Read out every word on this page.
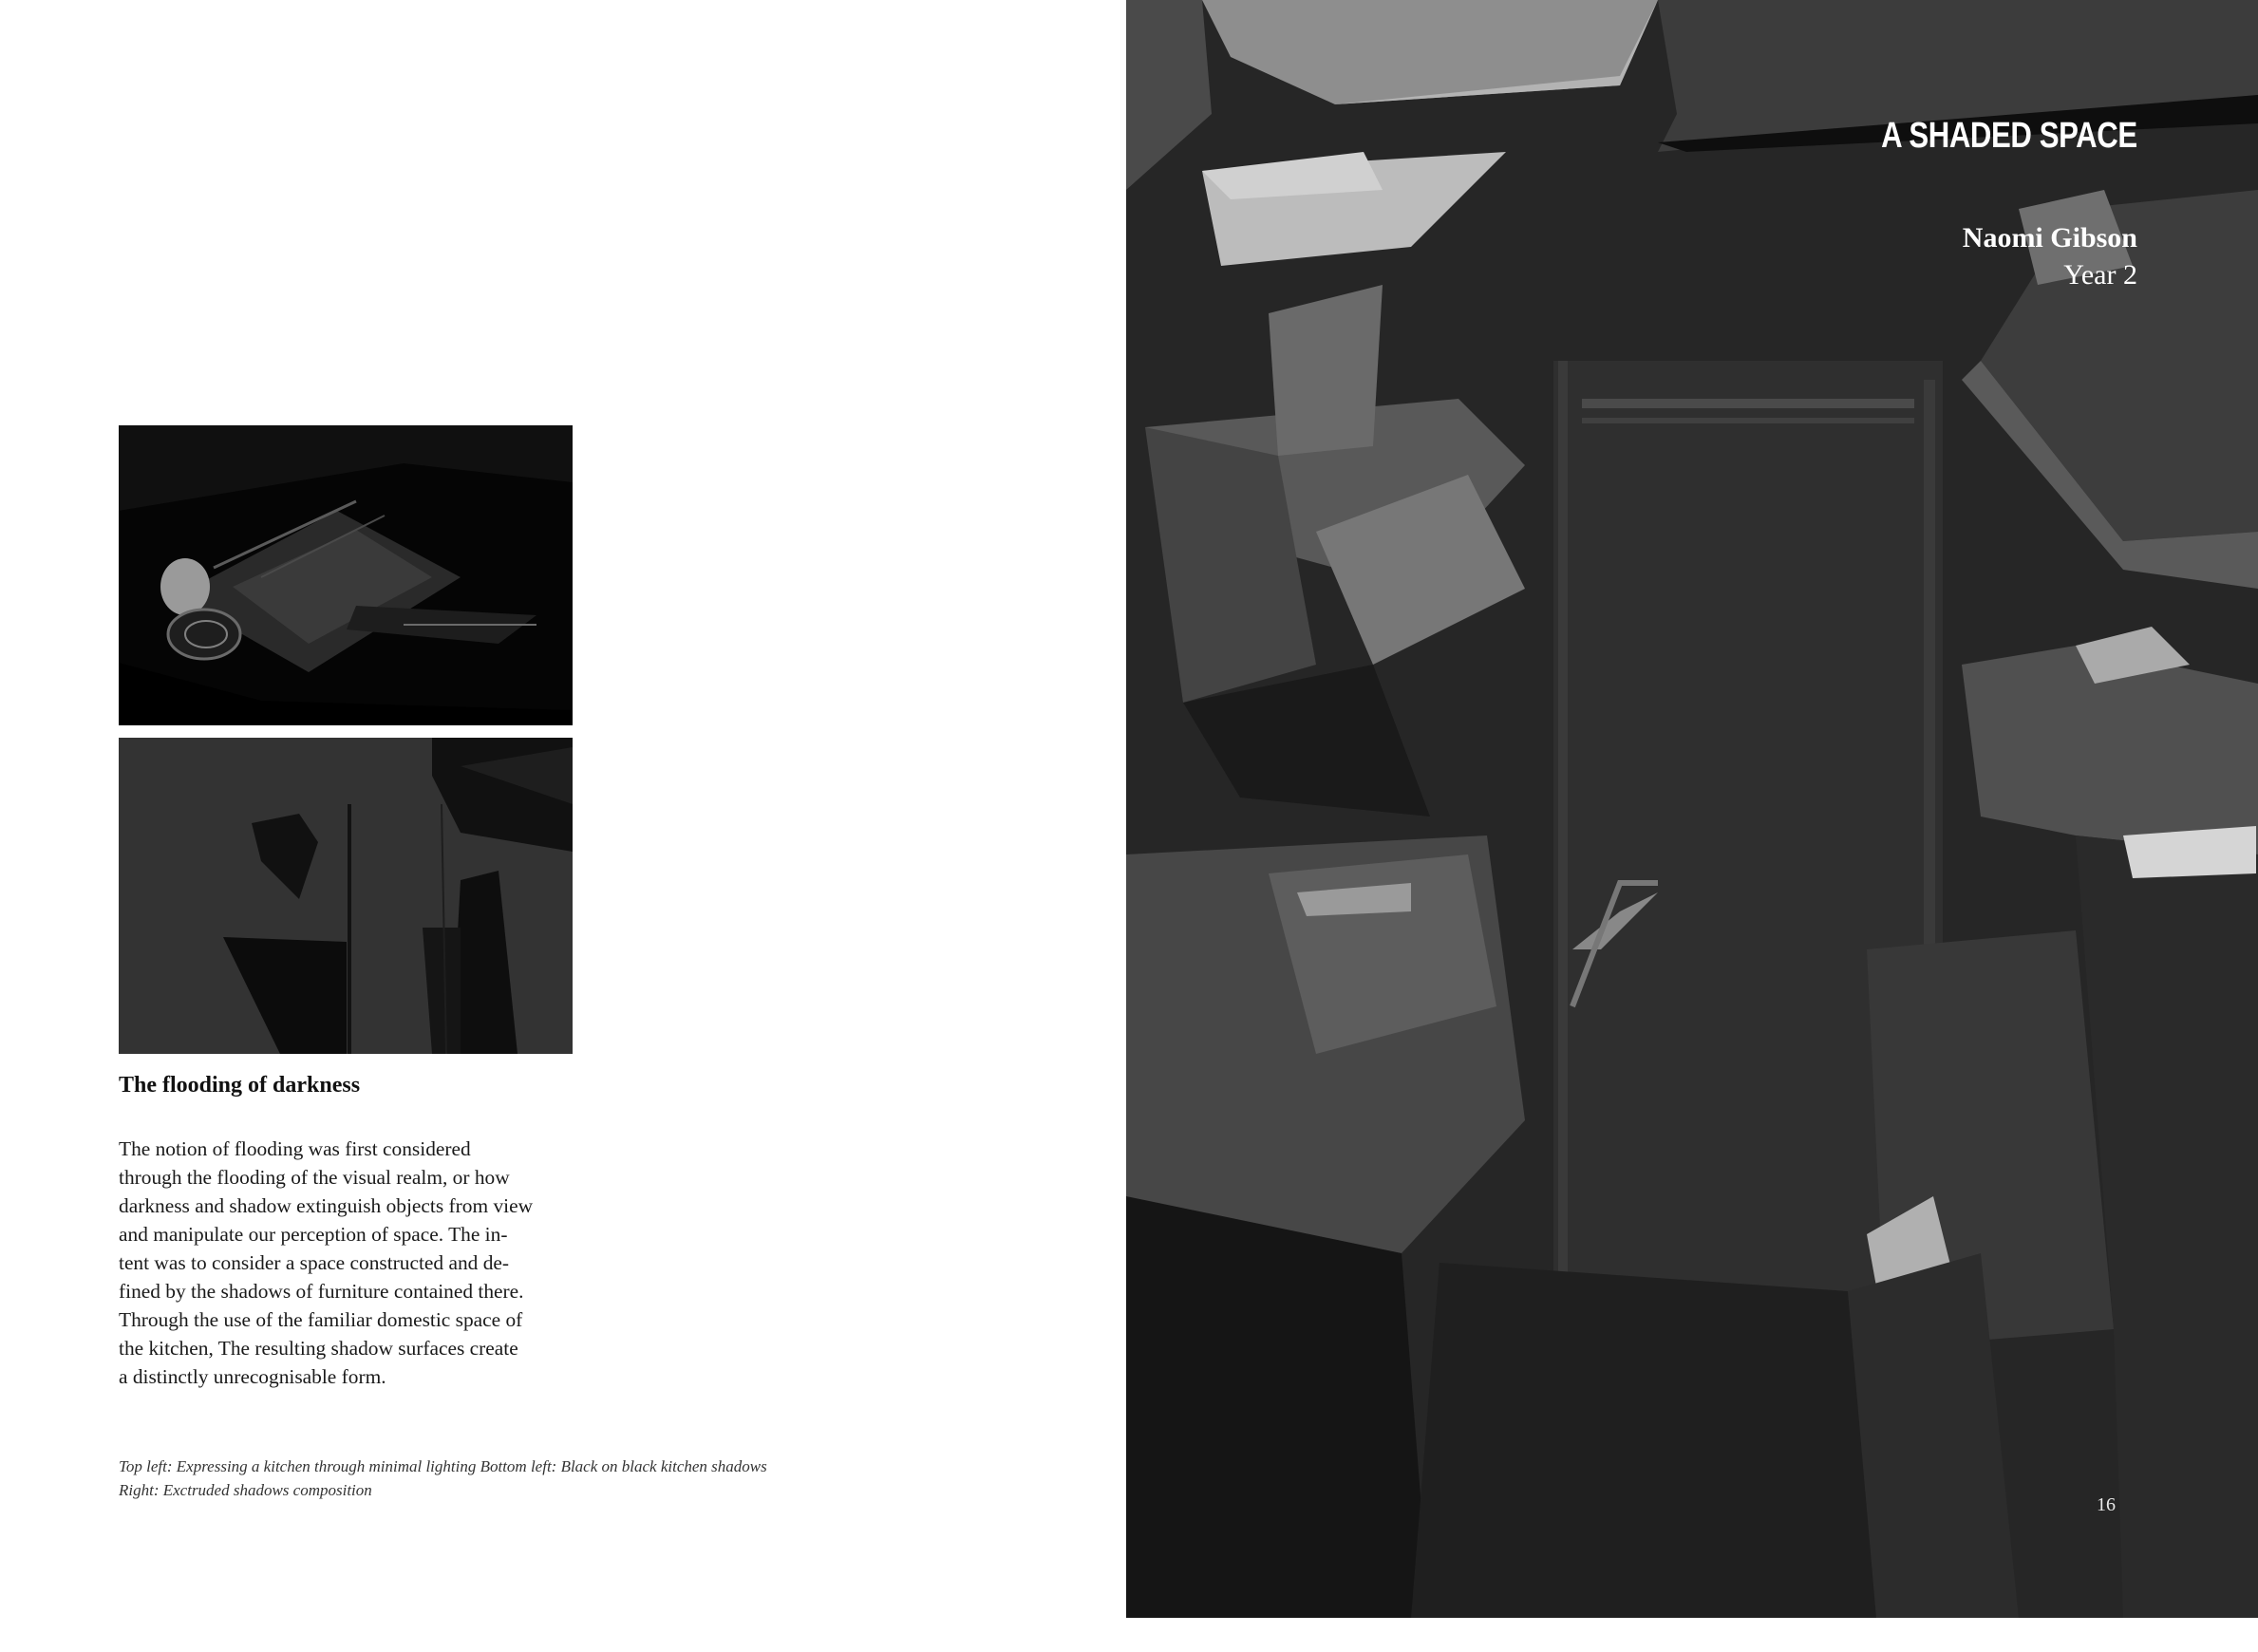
The flooding of darkness
The notion of flooding was first considered
through the flooding of the visual realm, or how
darkness and shadow extinguish objects from view
and manipulate our perception of space. The in-
tent was to consider a space constructed and de-
fined by the shadows of furniture contained there.
Through the use of the familiar domestic space of
the kitchen, The resulting shadow surfaces create
a distinctly unrecognisable form.
Top left: Expressing a kitchen through minimal lighting Bottom left: Black on black kitchen shadows
Right: Exctruded shadows composition
A SHADED SPACE
Naomi Gibson
Year 2
16
